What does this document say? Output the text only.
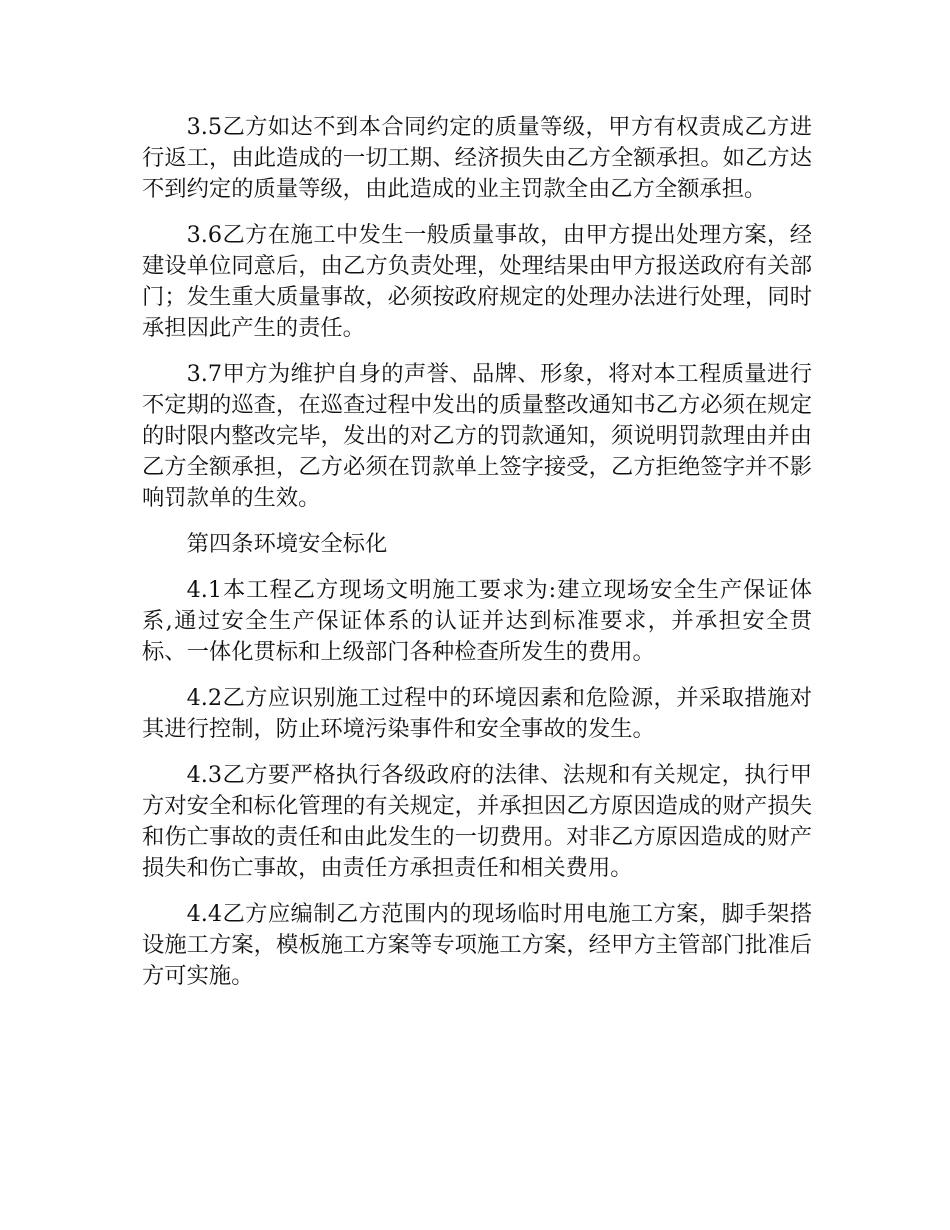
3.5乙方如达不到本合同约定的质量等级，甲方有权责成乙方进行返工，由此造成的一切工期、经济损失由乙方全额承担。如乙方达不到约定的质量等级，由此造成的业主罚款全由乙方全额承担。

3.6乙方在施工中发生一般质量事故，由甲方提出处理方案，经建设单位同意后，由乙方负责处理，处理结果由甲方报送政府有关部门；发生重大质量事故，必须按政府规定的处理办法进行处理，同时承担因此产生的责任。

3.7甲方为维护自身的声誉、品牌、形象，将对本工程质量进行不定期的巡查，在巡查过程中发出的质量整改通知书乙方必须在规定的时限内整改完毕，发出的对乙方的罚款通知，须说明罚款理由并由乙方全额承担，乙方必须在罚款单上签字接受，乙方拒绝签字并不影响罚款单的生效。

第四条环境安全标化

4.1本工程乙方现场文明施工要求为:建立现场安全生产保证体系,通过安全生产保证体系的认证并达到标准要求，并承担安全贯标、一体化贯标和上级部门各种检查所发生的费用。

4.2乙方应识别施工过程中的环境因素和危险源，并采取措施对其进行控制，防止环境污染事件和安全事故的发生。

4.3乙方要严格执行各级政府的法律、法规和有关规定，执行甲方对安全和标化管理的有关规定，并承担因乙方原因造成的财产损失和伤亡事故的责任和由此发生的一切费用。对非乙方原因造成的财产损失和伤亡事故，由责任方承担责任和相关费用。

4.4乙方应编制乙方范围内的现场临时用电施工方案，脚手架搭设施工方案，模板施工方案等专项施工方案，经甲方主管部门批准后方可实施。
